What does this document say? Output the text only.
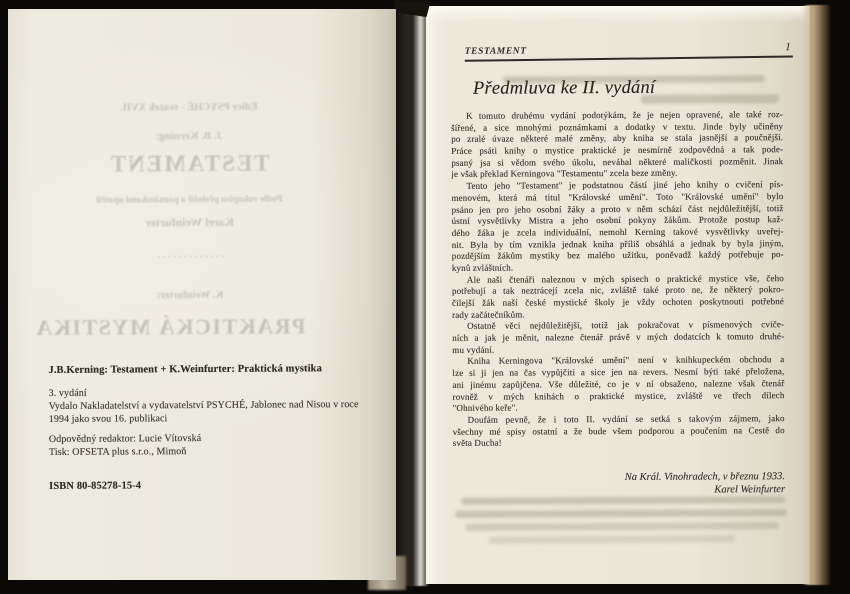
Edice PSYCHÉ - svazek XVII.
J. B. Kerning:
TESTAMENT
Podle rukopisu přeložil a poznámkami opatřil
Karel Weinfurter
·············
K. Weinfurter:
PRAKTICKÁ MYSTIKA
J.B.Kerning: Testament + K.Weinfurter: Praktická mystika
3. vydání
Vydalo Nakladatelství a vydavatelství PSYCHÉ, Jablonec nad Nisou v roce
1994 jako svou 16. publikaci
Odpovědný redaktor: Lucie Vítovská
Tisk: OFSETA plus s.r.o., Mimoň
ISBN 80-85278-15-4
TESTAMENT	1
Předmluva ke II. vydání
K tomuto druhému vydání podotýkám, že je nejen opravené, ale také roz-
šířené, a sice mnohými poznámkami a dodatky v textu. Jinde byly učiněny
po zralé úvaze některé malé změny, aby kniha se stala jasnější a poučnější.
Práce psáti knihy o mystice praktické je nesmírně zodpovědná a tak pode-
psaný jsa si vědom svého úkolu, neváhal některé maličkosti pozměnit. Jinak
je však překlad Kerningova "Testamentu" zcela beze změny.
Tento jeho "Testament" je podstatnou částí jiné jeho knihy o cvičení pís-
menovém, která má titul "Královské umění". Toto "Královské umění" bylo
psáno jen pro jeho osobní žáky a proto v něm schází část nejdůležitější, totiž
ústní vysvětlivky Mistra a jeho osobní pokyny žákům. Protože postup kaž-
dého žáka je zcela individuální, nemohl Kerning takové vysvětlivky uveřej-
nit. Byla by tím vznikla jednak kniha příliš obsáhlá a jednak by byla jiným,
pozdějším žákům mystiky bez malého užitku, poněvadž každý potřebuje po-
kynů zvláštních.
Ale naši čtenáři naleznou v mých spisech o praktické mystice vše, čeho
potřebují a tak neztrácejí zcela nic, zvláště také proto ne, že některý pokro-
čilejší žák naší české mystické školy je vždy ochoten poskytnouti potřebné
rady začátečníkům.
Ostatně věci nejdůležitější, totiž jak pokračovat v písmenových cviče-
ních a jak je měnit, nalezne čtenář právě v mých dodatcích k tomuto druhé-
mu vydání.
Kniha Kerningova "Královské umění" není v knihkupeckém obchodu a
lze si ji jen na čas vypůjčiti a sice jen na revers. Nesmí býti také přeložena,
ani jinému zapůjčena. Vše důležité, co je v ní obsaženo, nalezne však čtenář
rovněž v mých knihách o praktické mystice, zvláště ve třech dílech
"Ohnivého keře".
Doufám pevně, že i toto II. vydání se setká s takovým zájmem, jako
všechny mé spisy ostatní a že bude všem podporou a poučením na Cestě do
světa Ducha!
Na Král. Vinohradech, v březnu 1933.
Karel Weinfurter
